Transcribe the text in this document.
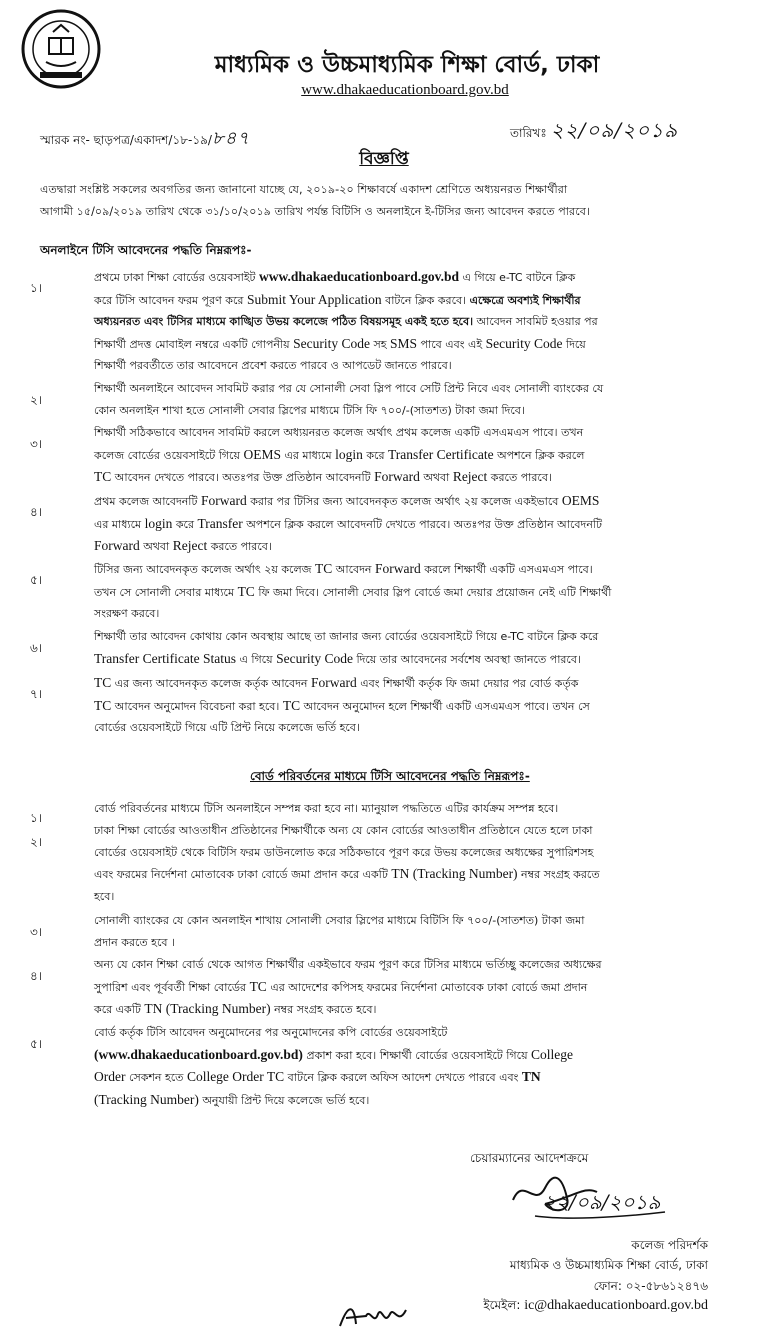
মাধ্যমিক ও উচ্চমাধ্যমিক শিক্ষা বোর্ড, ঢাকা
www.dhakaeducationboard.gov.bd
স্মারক নং- ছাড়পত্র/একাদশ/১৮-১৯/৮৪৭	তারিখঃ ২২/০৯/২০১৯
বিজ্ঞপ্তি
এতদ্বারা সংশ্লিষ্ট সকলের অবগতির জন্য জানানো যাচ্ছে যে, ২০১৯-২০ শিক্ষাবর্ষে একাদশ শ্রেণিতে অধ্যয়নরত শিক্ষার্থীরা
আগামী ১৫/০৯/২০১৯ তারিখ থেকে ৩১/১০/২০১৯ তারিখ পর্যন্ত বিটিসি ও অনলাইনে ই-টিসির জন্য আবেদন করতে পারবে।
অনলাইনে টিসি আবেদনের পদ্ধতি নিম্নরূপঃ-
১।
প্রথমে ঢাকা শিক্ষা বোর্ডের ওয়েবসাইট www.dhakaeducationboard.gov.bd এ গিয়ে e-TC বাটনে ক্লিক
করে টিসি আবেদন ফরম পূরণ করে Submit Your Application বাটনে ক্লিক করবে। এক্ষেত্রে অবশ্যই শিক্ষার্থীর
অধ্যয়নরত এবং টিসির মাধ্যমে কাঙ্খিত উভয় কলেজে পঠিত বিষয়সমূহ একই হতে হবে। আবেদন সাবমিট হওয়ার পর
শিক্ষার্থী প্রদত্ত মোবাইল নম্বরে একটি গোপনীয় Security Code সহ SMS পাবে এবং এই Security Code দিয়ে
শিক্ষার্থী পরবর্তীতে তার আবেদনে প্রবেশ করতে পারবে ও আপডেট জানতে পারবে।
২।
শিক্ষার্থী অনলাইনে আবেদন সাবমিট করার পর যে সোনালী সেবা স্লিপ পাবে সেটি প্রিন্ট নিবে এবং সোনালী ব্যাংকের যে
কোন অনলাইন শাখা হতে সোনালী সেবার স্লিপের মাধ্যমে টিসি ফি ৭০০/-(সাতশত) টাকা জমা দিবে।
৩।
শিক্ষার্থী সঠিকভাবে আবেদন সাবমিট করলে অধ্যয়নরত কলেজ অর্থাৎ প্রথম কলেজ একটি এসএমএস পাবে। তখন
কলেজ বোর্ডের ওয়েবসাইটে গিয়ে OEMS এর মাধ্যমে login করে Transfer Certificate অপশনে ক্লিক করলে
TC আবেদন দেখতে পারবে। অতঃপর উক্ত প্রতিষ্ঠান আবেদনটি Forward অথবা Reject করতে পারবে।
৪।
প্রথম কলেজ আবেদনটি Forward করার পর টিসির জন্য আবেদনকৃত কলেজ অর্থাৎ ২য় কলেজ একইভাবে OEMS
এর মাধ্যমে login করে Transfer অপশনে ক্লিক করলে আবেদনটি দেখতে পারবে। অতঃপর উক্ত প্রতিষ্ঠান আবেদনটি
Forward অথবা Reject করতে পারবে।
৫।
টিসির জন্য আবেদনকৃত কলেজ অর্থাৎ ২য় কলেজ TC আবেদন Forward করলে শিক্ষার্থী একটি এসএমএস পাবে।
তখন সে সোনালী সেবার মাধ্যমে TC ফি জমা দিবে। সোনালী সেবার স্লিপ বোর্ডে জমা দেয়ার প্রয়োজন নেই এটি শিক্ষার্থী
সংরক্ষণ করবে।
৬।
শিক্ষার্থী তার আবেদন কোথায় কোন অবস্থায় আছে তা জানার জন্য বোর্ডের ওয়েবসাইটে গিয়ে e-TC বাটনে ক্লিক করে
Transfer Certificate Status এ গিয়ে Security Code দিয়ে তার আবেদনের সর্বশেষ অবস্থা জানতে পারবে।
৭।
TC এর জন্য আবেদনকৃত কলেজ কর্তৃক আবেদন Forward এবং শিক্ষার্থী কর্তৃক ফি জমা দেয়ার পর বোর্ড কর্তৃক
TC আবেদন অনুমোদন বিবেচনা করা হবে। TC আবেদন অনুমোদন হলে শিক্ষার্থী একটি এসএমএস পাবে। তখন সে
বোর্ডের ওয়েবসাইটে গিয়ে এটি প্রিন্ট নিয়ে কলেজে ভর্তি হবে।
বোর্ড পরিবর্তনের মাধ্যমে টিসি আবেদনের পদ্ধতি নিম্নরূপঃ-
১।
বোর্ড পরিবর্তনের মাধ্যমে টিসি অনলাইনে সম্পন্ন করা হবে না। ম্যানুয়াল পদ্ধতিতে এটির কার্যক্রম সম্পন্ন হবে।
২।
ঢাকা শিক্ষা বোর্ডের আওতাধীন প্রতিষ্ঠানের শিক্ষার্থীকে অন্য যে কোন বোর্ডের আওতাধীন প্রতিষ্ঠানে যেতে হলে ঢাকা
বোর্ডের ওয়েবসাইট থেকে বিটিসি ফরম ডাউনলোড করে সঠিকভাবে পূরণ করে উভয় কলেজের অধ্যক্ষের সুপারিশসহ
এবং ফরমের নির্দেশনা মোতাবেক ঢাকা বোর্ডে জমা প্রদান করে একটি TN (Tracking Number) নম্বর সংগ্রহ করতে
হবে।
৩।
সোনালী ব্যাংকের যে কোন অনলাইন শাখায় সোনালী সেবার স্লিপের মাধ্যমে বিটিসি ফি ৭০০/-(সাতশত) টাকা জমা
প্রদান করতে হবে ।
৪।
অন্য যে কোন শিক্ষা বোর্ড থেকে আগত শিক্ষার্থীর একইভাবে ফরম পূরণ করে টিসির মাধ্যমে ভর্তিচ্ছু কলেজের অধ্যক্ষের
সুপারিশ এবং পূর্ববর্তী শিক্ষা বোর্ডের TC এর আদেশের কপিসহ ফরমের নির্দেশনা মোতাবেক ঢাকা বোর্ডে জমা প্রদান
করে একটি TN (Tracking Number) নম্বর সংগ্রহ করতে হবে।
৫।
বোর্ড কর্তৃক টিসি আবেদন অনুমোদনের পর অনুমোদনের কপি বোর্ডের ওয়েবসাইটে
(www.dhakaeducationboard.gov.bd) প্রকাশ করা হবে। শিক্ষার্থী বোর্ডের ওয়েবসাইটে গিয়ে College
Order সেকশন হতে College Order TC বাটনে ক্লিক করলে অফিস আদেশ দেখতে পারবে এবং TN
(Tracking Number) অনুযায়ী প্রিন্ট দিয়ে কলেজে ভর্তি হবে।
চেয়ারম্যানের আদেশক্রমে
২২/০৯/২০১৯
কলেজ পরিদর্শক
মাধ্যমিক ও উচ্চমাধ্যমিক শিক্ষা বোর্ড, ঢাকা
ফোন: ০২-৫৮৬১২৪৭৬
ইমেইল: ic@dhakaeducationboard.gov.bd
